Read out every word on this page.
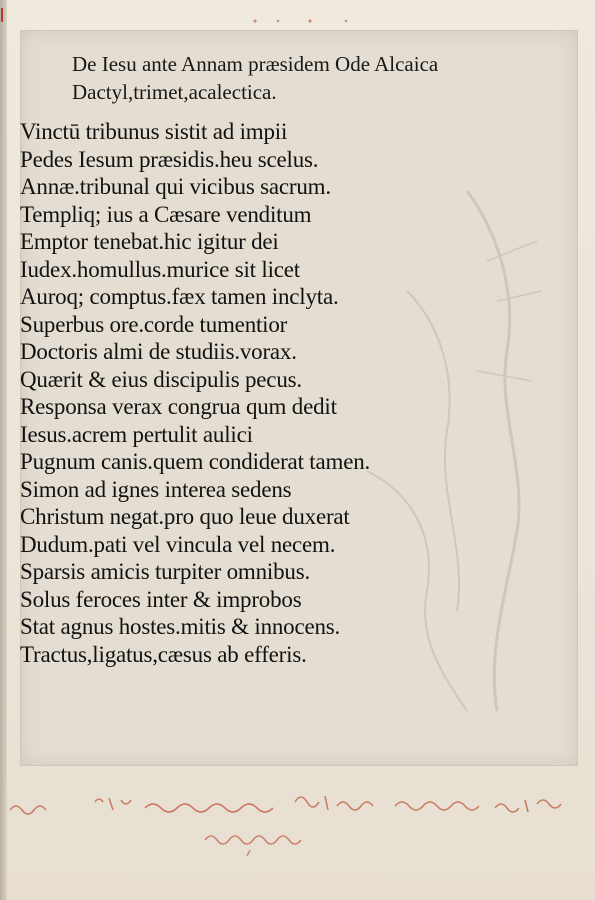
De Iesu ante Annam præsidem Ode Alcaica
Dactyl,trimet,acalectica.
Vinctū tribunus sistit ad impii
Pedes Iesum præsidis.heu scelus.
Annæ.tribunal qui vicibus sacrum.
Templiq; ius a Cæsare venditum
Emptor tenebat.hic igitur dei
Iudex.homullus.murice sit licet
Auroq; comptus.fæx tamen inclyta.
Superbus ore.corde tumentior
Doctoris almi de studiis.vorax.
Quærit & eius discipulis pecus.
Responsa verax congrua qum dedit
Iesus.acrem pertulit aulici
Pugnum canis.quem condiderat tamen.
Simon ad ignes interea sedens
Christum negat.pro quo leue duxerat
Dudum.pati vel vincula vel necem.
Sparsis amicis turpiter omnibus.
Solus feroces inter & improbos
Stat agnus hostes.mitis & innocens.
Tractus,ligatus,cæsus ab efferis.
